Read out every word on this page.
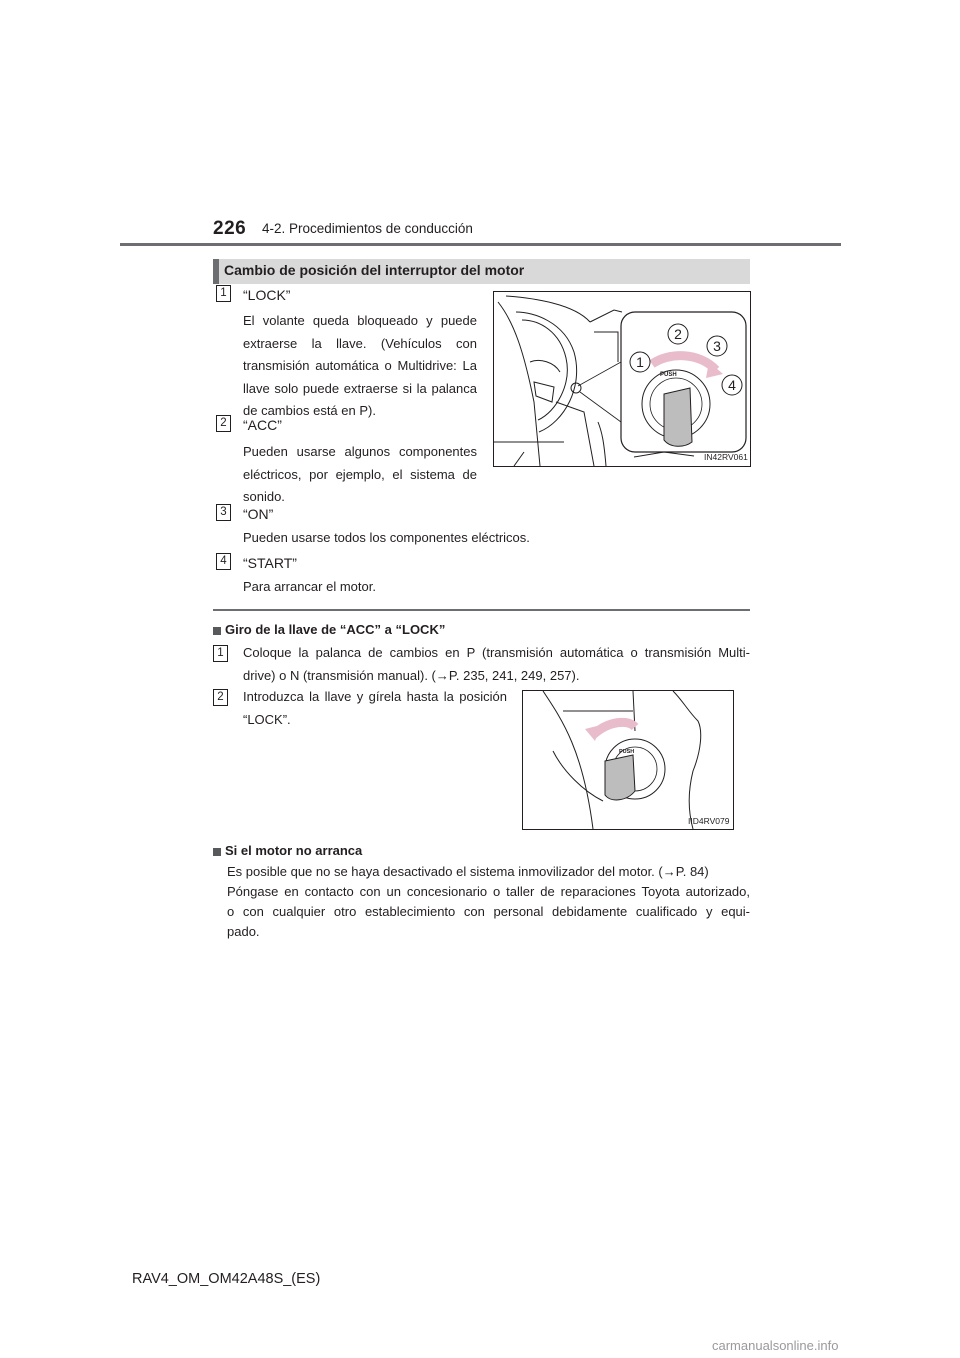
226 4-2. Procedimientos de conducción
Cambio de posición del interruptor del motor
1	“LOCK”
El volante queda bloqueado y puede
extraerse la llave. (Vehículos con
transmisión automática o Multidrive: La
llave solo puede extraerse si la palanca
de cambios está en P).
2	“ACC”
Pueden usarse algunos componentes
eléctricos, por ejemplo, el sistema de
sonido.
3	“ON”
Pueden usarse todos los componentes eléctricos.
4	“START”
Para arrancar el motor.
PUSH
1
2
3
4
IN42RV061
Giro de la llave de “ACC” a “LOCK”
1	Coloque la palanca de cambios en P (transmisión automática o transmisión Multi-
drive) o N (transmisión manual). (→P. 235, 241, 249, 257).
2	Introduzca la llave y gírela hasta la posición
“LOCK”.
PUSH
IID4RV079
Si el motor no arranca
Es posible que no se haya desactivado el sistema inmovilizador del motor. (→P. 84)
Póngase en contacto con un concesionario o taller de reparaciones Toyota autorizado,
o con cualquier otro establecimiento con personal debidamente cualificado y equi-
pado.
RAV4_OM_OM42A48S_(ES)
carmanualsonline.info
